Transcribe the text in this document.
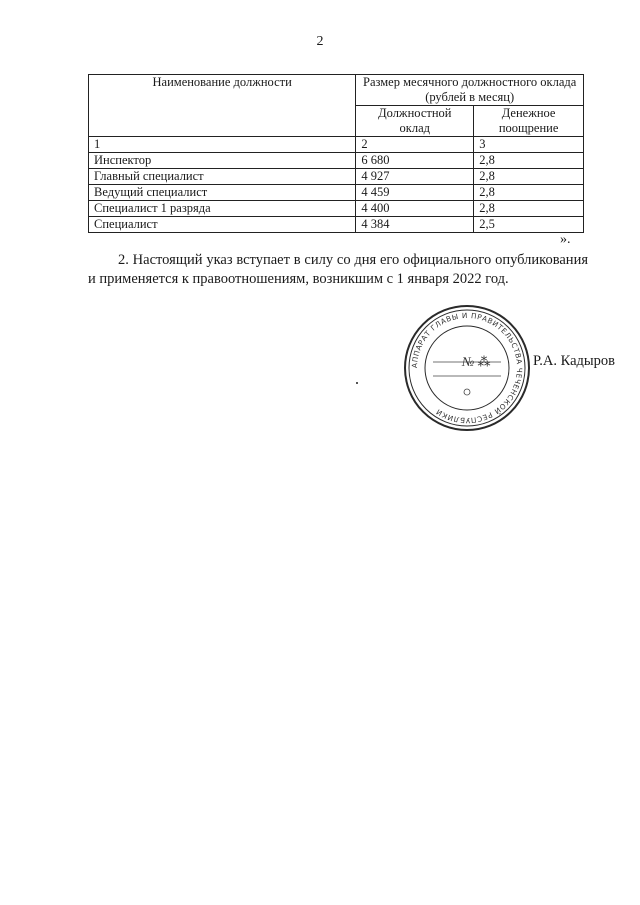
2
Наименование должности	Размер месячного должностного оклада (рублей в месяц)	
	Должностной оклад	Денежное поощрение
1	2	3
Инспектор	6 680	2,8
Главный специалист	4 927	2,8
Ведущий специалист	4 459	2,8
Специалист 1 разряда	4 400	2,8
Специалист	4 384	2,5
».
2. Настоящий указ вступает в силу со дня его официального опубликования и применяется к правоотношениям, возникшим с 1 января 2022 год.
АППАРАТ ГЛАВЫ И ПРАВИТЕЛЬСТВА ЧЕЧЕНСКОЙ РЕСПУБЛИКИ
№ ⁂	Р.А. Кадыров
